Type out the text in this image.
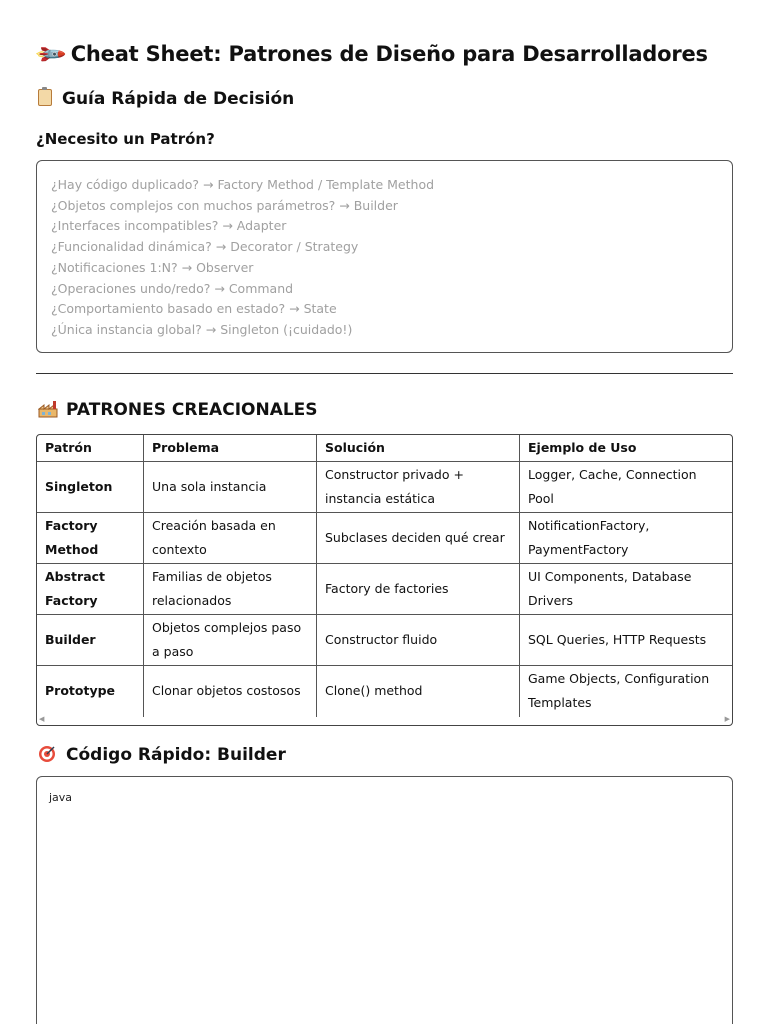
🚀 Cheat Sheet: Patrones de Diseño para Desarrolladores
Guía Rápida de Decisión
¿Necesito un Patrón?
¿Hay código duplicado? → Factory Method / Template Method
¿Objetos complejos con muchos parámetros? → Builder
¿Interfaces incompatibles? → Adapter
¿Funcionalidad dinámica? → Decorator / Strategy
¿Notificaciones 1:N? → Observer
¿Operaciones undo/redo? → Command
¿Comportamiento basado en estado? → State
¿Única instancia global? → Singleton (¡cuidado!)
PATRONES CREACIONALES
Patrón	Problema	Solución	Ejemplo de Uso
Singleton	Una sola instancia	Constructor privado + instancia estática	Logger, Cache, Connection Pool
Factory Method	Creación basada en contexto	Subclases deciden qué crear	NotificationFactory, PaymentFactory
Abstract Factory	Familias de objetos relacionados	Factory de factories	UI Components, Database Drivers
Builder	Objetos complejos paso a paso	Constructor fluido	SQL Queries, HTTP Requests
Prototype	Clonar objetos costosos	Clone() method	Game Objects, Configuration Templates
◀	▶
Código Rápido: Builder
java
